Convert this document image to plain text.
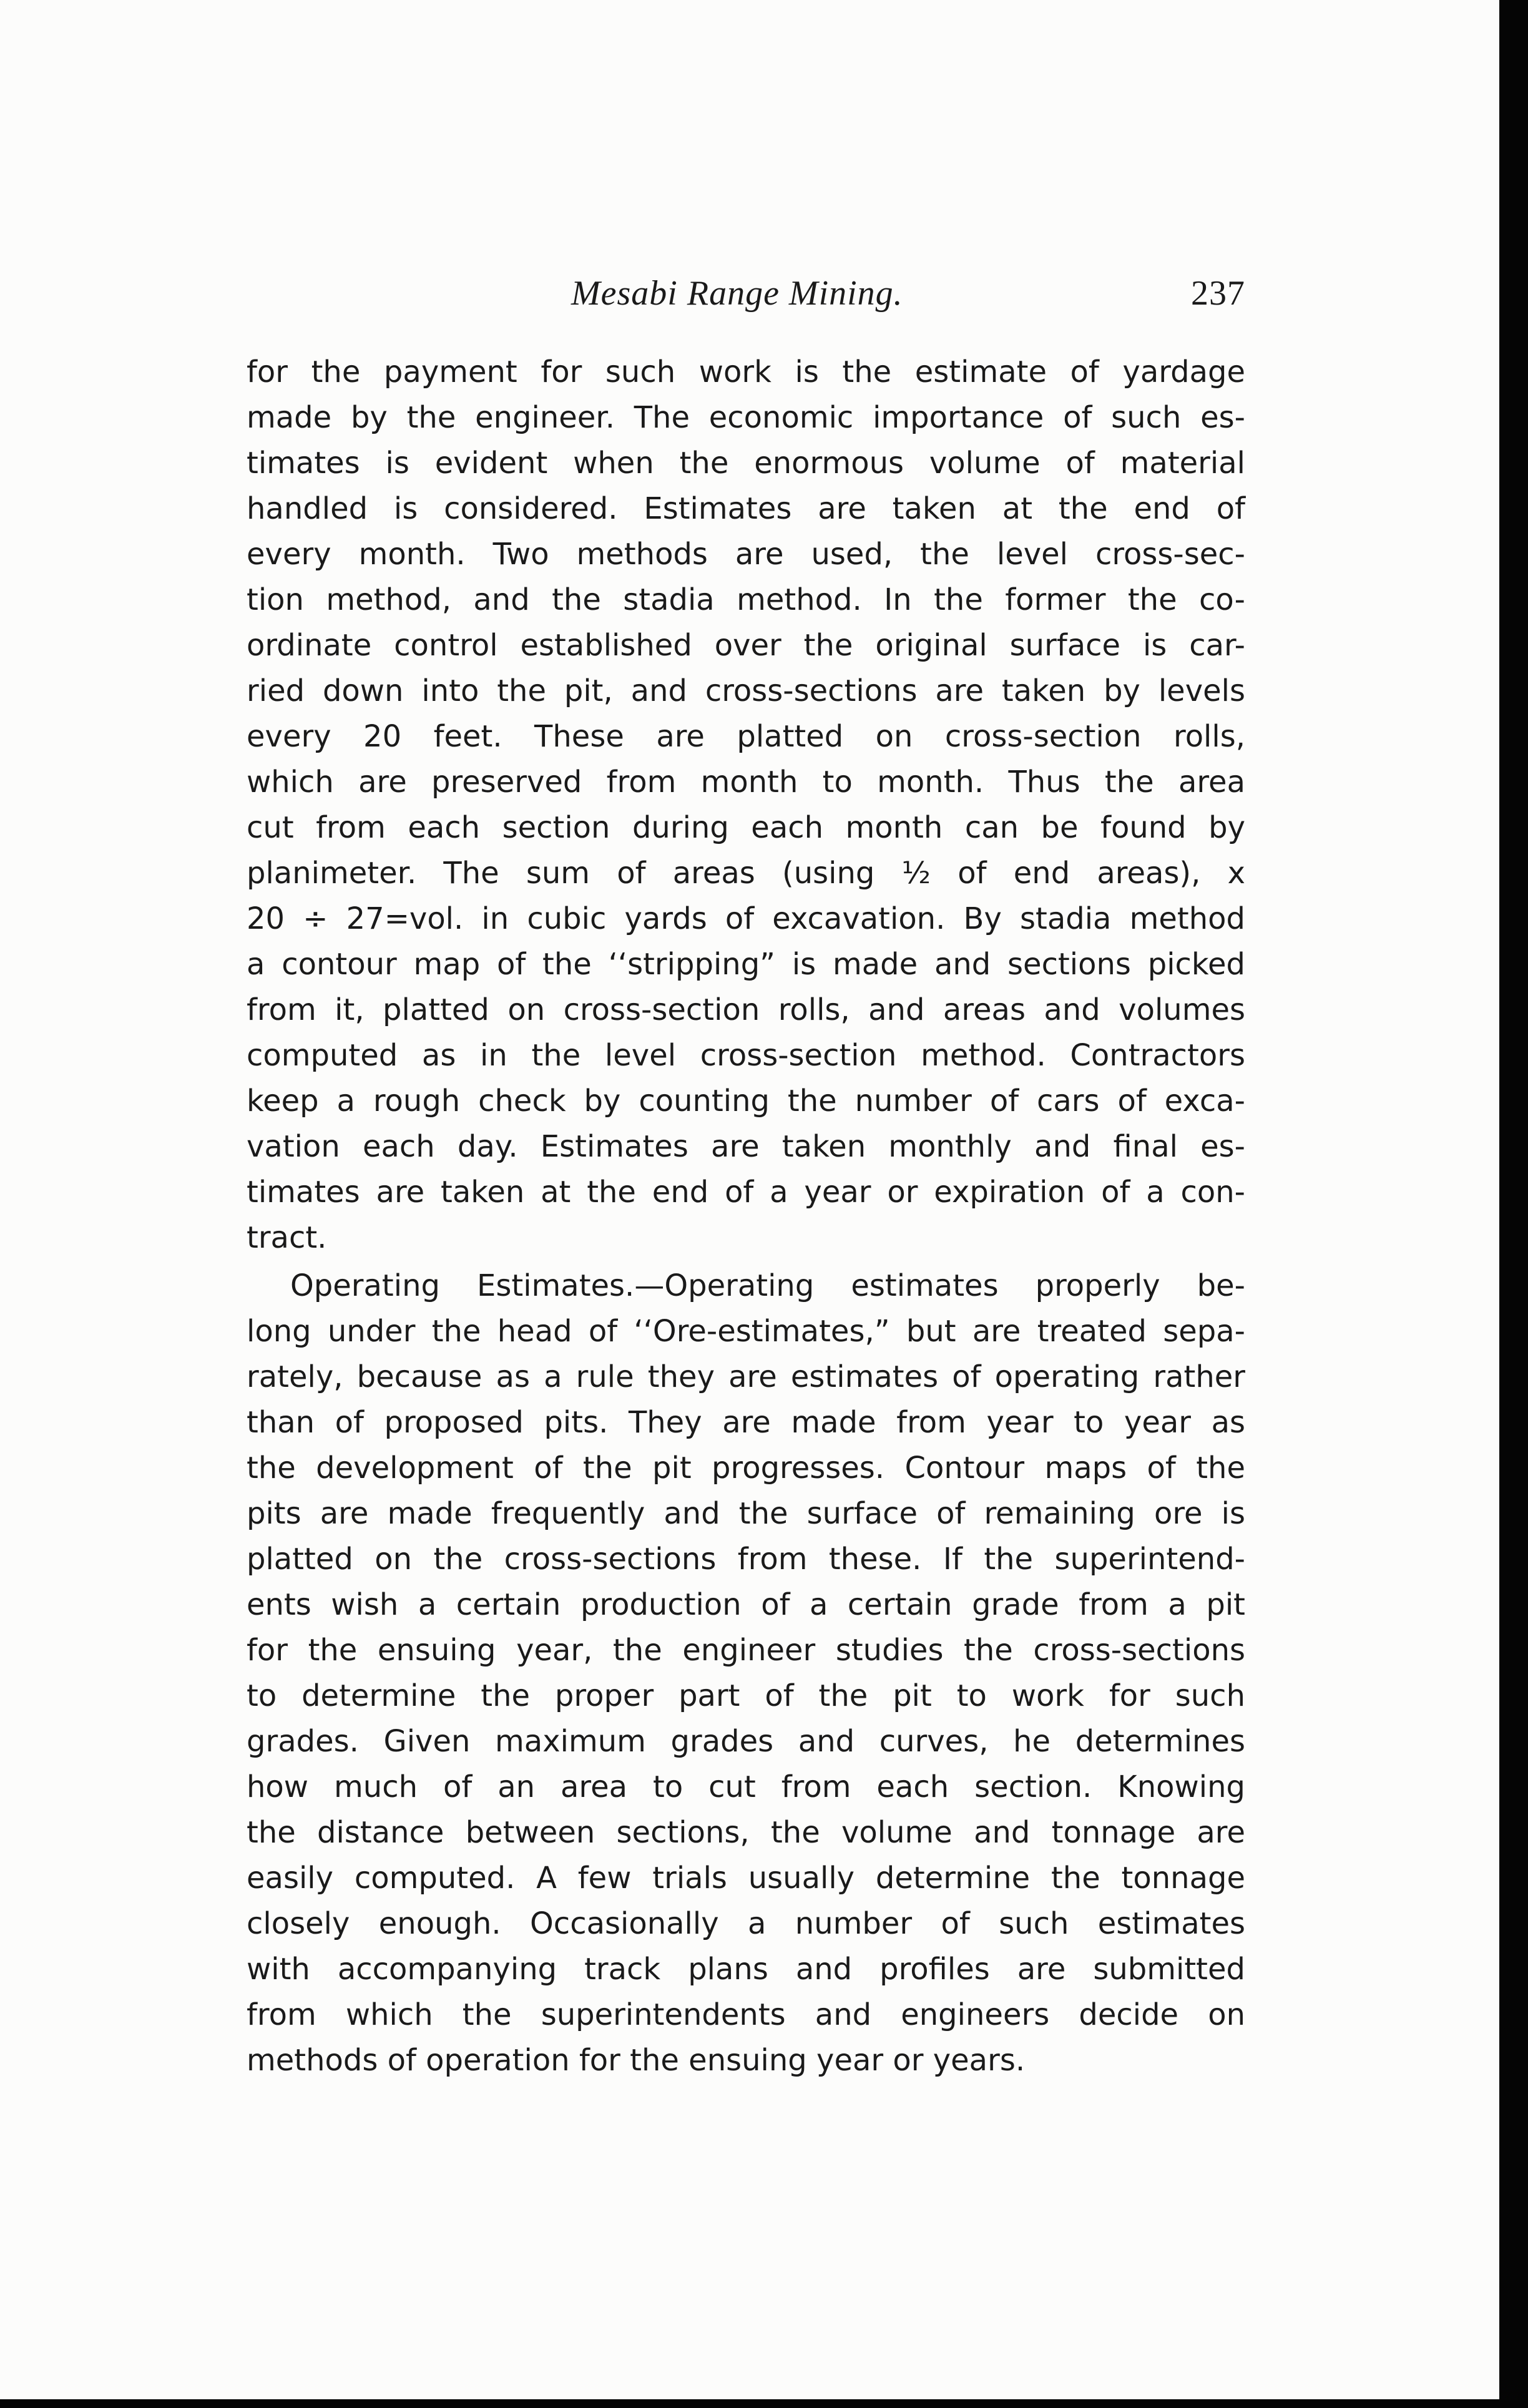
Mesabi Range Mining.	237
for the payment for such work is the estimate of yardage
made by the engineer. The economic importance of such es-
timates is evident when the enormous volume of material
handled is considered. Estimates are taken at the end of
every month. Two methods are used, the level cross-sec-
tion method, and the stadia method. In the former the co-
ordinate control established over the original surface is car-
ried down into the pit, and cross-sections are taken by levels
every 20 feet. These are platted on cross-section rolls,
which are preserved from month to month. Thus the area
cut from each section during each month can be found by
planimeter. The sum of areas (using ½ of end areas), x
20 ÷ 27=vol. in cubic yards of excavation. By stadia method
a contour map of the ‘‘stripping” is made and sections picked
from it, platted on cross-section rolls, and areas and volumes
computed as in the level cross-section method. Contractors
keep a rough check by counting the number of cars of exca-
vation each day. Estimates are taken monthly and final es-
timates are taken at the end of a year or expiration of a con-
tract.
Operating Estimates.—Operating estimates properly be-
long under the head of ‘‘Ore-estimates,” but are treated sepa-
rately, because as a rule they are estimates of operating rather
than of proposed pits. They are made from year to year as
the development of the pit progresses. Contour maps of the
pits are made frequently and the surface of remaining ore is
platted on the cross-sections from these. If the superintend-
ents wish a certain production of a certain grade from a pit
for the ensuing year, the engineer studies the cross-sections
to determine the proper part of the pit to work for such
grades. Given maximum grades and curves, he determines
how much of an area to cut from each section. Knowing
the distance between sections, the volume and tonnage are
easily computed. A few trials usually determine the tonnage
closely enough. Occasionally a number of such estimates
with accompanying track plans and profiles are submitted
from which the superintendents and engineers decide on
methods of operation for the ensuing year or years.
